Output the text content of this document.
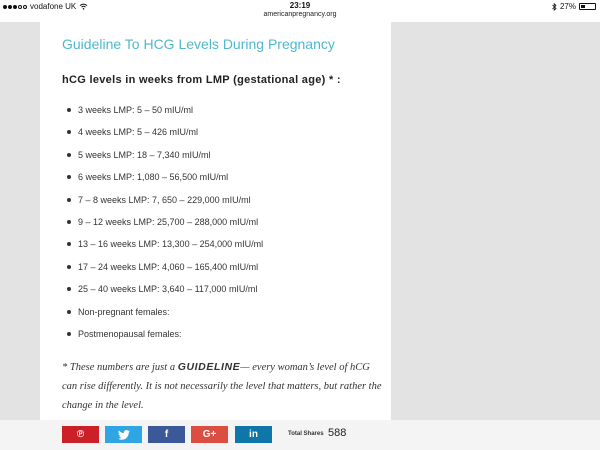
vodafone UK	23:19	27%
americanpregnancy.org
Guideline To HCG Levels During Pregnancy
hCG levels in weeks from LMP (gestational age) * :
3 weeks LMP: 5 – 50 mIU/ml
4 weeks LMP: 5 – 426 mIU/ml
5 weeks LMP: 18 – 7,340 mIU/ml
6 weeks LMP: 1,080 – 56,500 mIU/ml
7 – 8 weeks LMP: 7, 650 – 229,000 mIU/ml
9 – 12 weeks LMP: 25,700 – 288,000 mIU/ml
13 – 16 weeks LMP: 13,300 – 254,000 mIU/ml
17 – 24 weeks LMP: 4,060 – 165,400 mIU/ml
25 – 40 weeks LMP: 3,640 – 117,000 mIU/ml
Non-pregnant females:
Postmenopausal females:
* These numbers are just a GUIDELINE— every woman’s level of hCG can rise differently. It is not necessarily the level that matters, but rather the change in the level.
℗	f	G+	in	Total Shares 588
